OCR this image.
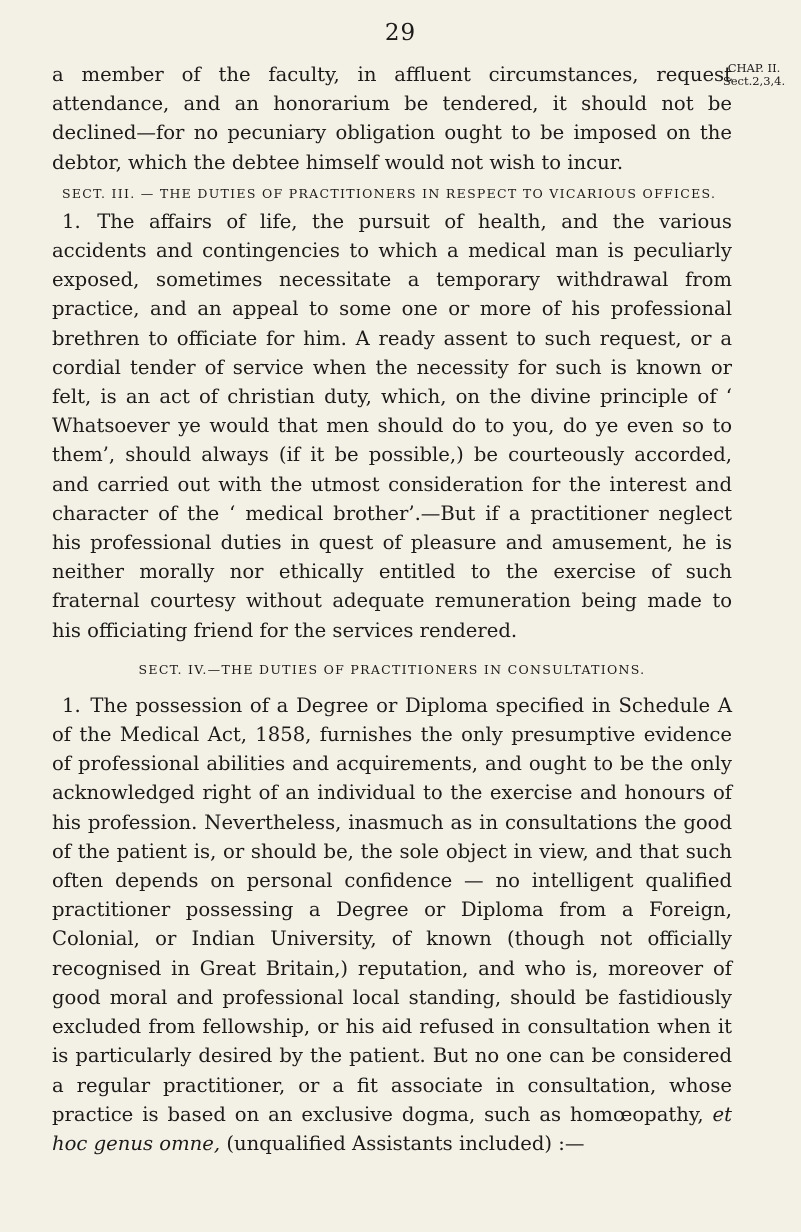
29
CHAP. II.
Sect.2,3,4.

a member of the faculty, in affluent circumstances, request attendance, and an honorarium be tendered, it should not be declined—for no pecuniary obligation ought to be imposed on the debtor, which the debtee himself would not wish to incur.

SECT. III. — THE DUTIES OF PRACTITIONERS IN RESPECT TO VICARIOUS OFFICES.

1. The affairs of life, the pursuit of health, and the various accidents and contingencies to which a medical man is peculiarly exposed, sometimes necessitate a temporary withdrawal from practice, and an appeal to some one or more of his professional brethren to officiate for him. A ready assent to such request, or a cordial tender of service when the necessity for such is known or felt, is an act of christian duty, which, on the divine principle of ‘ Whatsoever ye would that men should do to you, do ye even so to them’, should always (if it be possible,) be courteously accorded, and carried out with the utmost consideration for the interest and character of the ‘ medical brother’.—But if a practitioner neglect his professional duties in quest of pleasure and amusement, he is neither morally nor ethically entitled to the exercise of such fraternal courtesy without adequate remuneration being made to his officiating friend for the services rendered.

SECT. IV.—THE DUTIES OF PRACTITIONERS IN CONSULTATIONS.

1. The possession of a Degree or Diploma specified in Schedule A of the Medical Act, 1858, furnishes the only presumptive evidence of professional abilities and acquirements, and ought to be the only acknowledged right of an individual to the exercise and honours of his profession. Nevertheless, inasmuch as in consultations the good of the patient is, or should be, the sole object in view, and that such often depends on personal confidence — no intelligent qualified practitioner possessing a Degree or Diploma from a Foreign, Colonial, or Indian University, of known (though not officially recognised in Great Britain,) reputation, and who is, moreover of good moral and professional local standing, should be fastidiously excluded from fellowship, or his aid refused in consultation when it is particularly desired by the patient. But no one can be considered a regular practitioner, or a fit associate in consultation, whose practice is based on an exclusive dogma, such as homœopathy, et hoc genus omne, (unqualified Assistants included) :—
